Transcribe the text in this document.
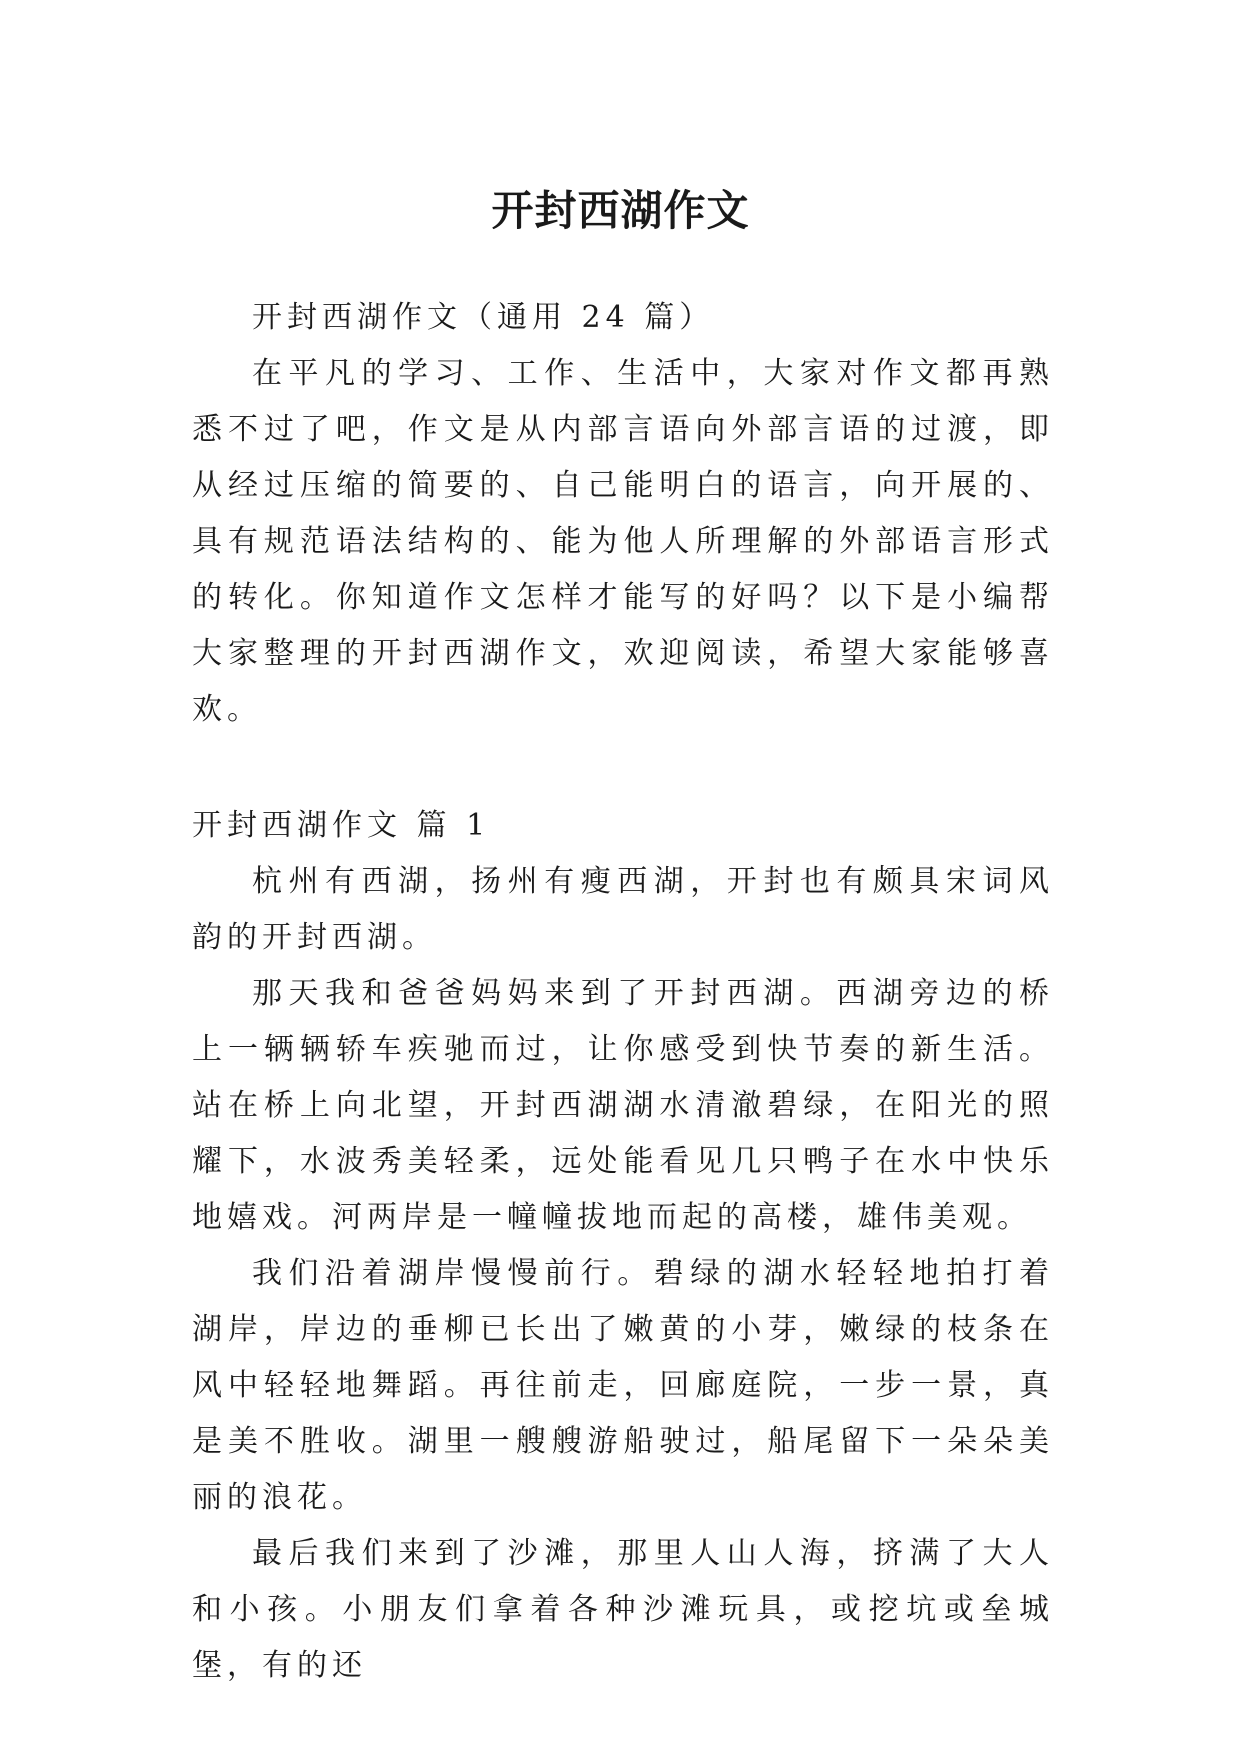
开封西湖作文

开封西湖作文（通用 24 篇）

在平凡的学习、工作、生活中，大家对作文都再熟悉不过了吧，作文是从内部言语向外部言语的过渡，即从经过压缩的简要的、自己能明白的语言，向开展的、具有规范语法结构的、能为他人所理解的外部语言形式的转化。你知道作文怎样才能写的好吗？以下是小编帮大家整理的开封西湖作文，欢迎阅读，希望大家能够喜欢。

开封西湖作文 篇 1

杭州有西湖，扬州有瘦西湖，开封也有颇具宋词风韵的开封西湖。

那天我和爸爸妈妈来到了开封西湖。西湖旁边的桥上一辆辆轿车疾驰而过，让你感受到快节奏的新生活。站在桥上向北望，开封西湖湖水清澈碧绿，在阳光的照耀下，水波秀美轻柔，远处能看见几只鸭子在水中快乐地嬉戏。河两岸是一幢幢拔地而起的高楼，雄伟美观。

我们沿着湖岸慢慢前行。碧绿的湖水轻轻地拍打着湖岸，岸边的垂柳已长出了嫩黄的小芽，嫩绿的枝条在风中轻轻地舞蹈。再往前走，回廊庭院，一步一景，真是美不胜收。湖里一艘艘游船驶过，船尾留下一朵朵美丽的浪花。

最后我们来到了沙滩，那里人山人海，挤满了大人和小孩。小朋友们拿着各种沙滩玩具，或挖坑或垒城堡，有的还
